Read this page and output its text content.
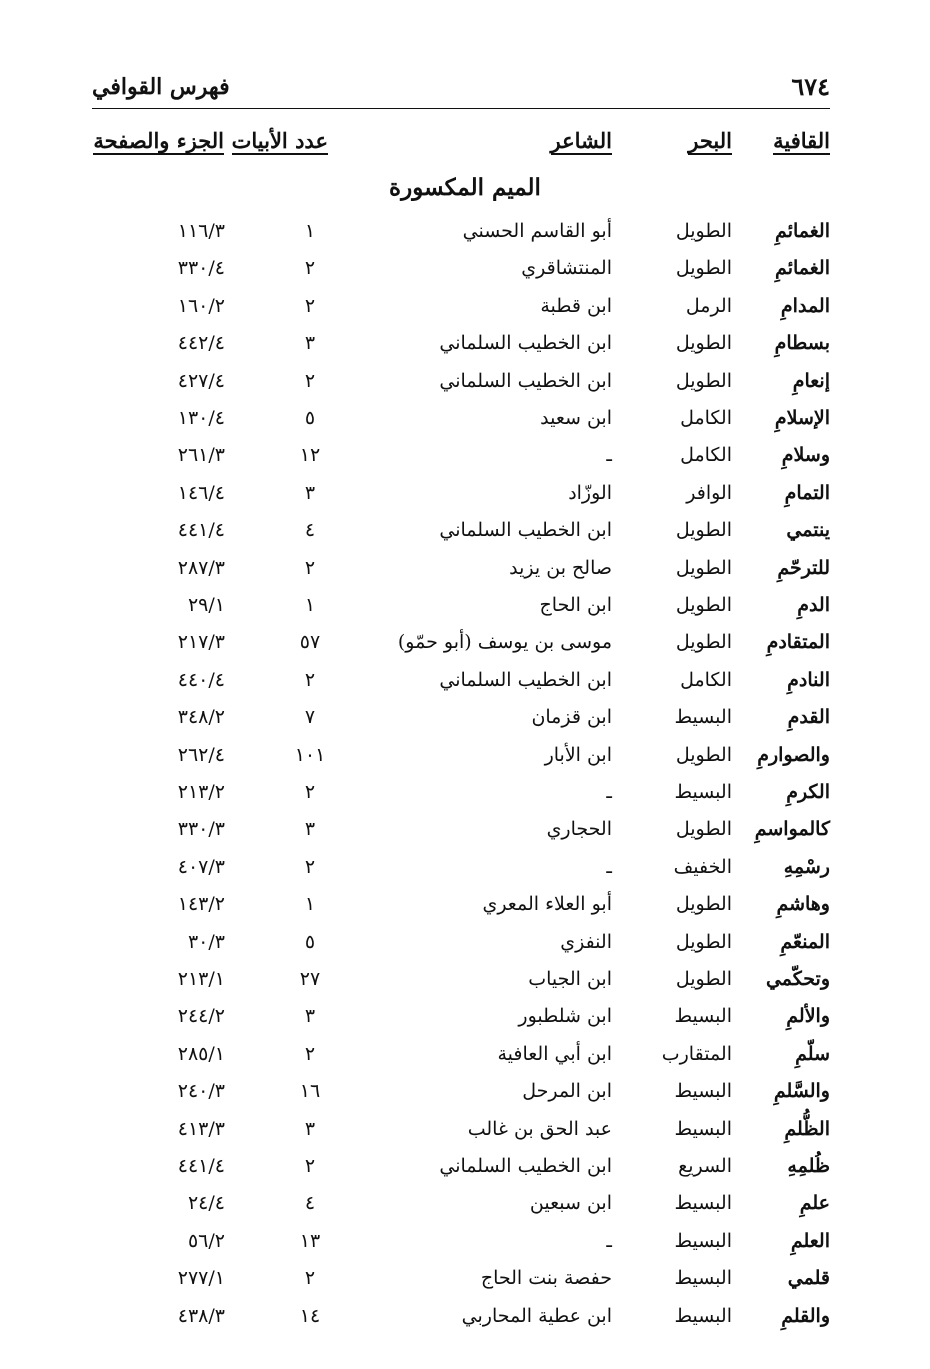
٦٧٤
فهرس القوافي
القافية
البحر
الشاعر
عدد الأبيات
الجزء والصفحة
الميم المكسورة
الغمائمِ
الطويل
أبو القاسم الحسني
١
١١٦/٣
الغمائمِ
الطويل
المنتشاقري
٢
٣٣٠/٤
المدامِ
الرمل
ابن قطبة
٢
١٦٠/٢
بسطامِ
الطويل
ابن الخطيب السلماني
٣
٤٤٢/٤
إنعامِ
الطويل
ابن الخطيب السلماني
٢
٤٢٧/٤
الإسلامِ
الكامل
ابن سعيد
٥
١٣٠/٤
وسلامِ
الكامل
ـ
١٢
٢٦١/٣
التمامِ
الوافر
الوزّاد
٣
١٤٦/٤
ينتمي
الطويل
ابن الخطيب السلماني
٤
٤٤١/٤
للترحّمِ
الطويل
صالح بن يزيد
٢
٢٨٧/٣
الدمِ
الطويل
ابن الحاج
١
٢٩/١
المتقادمِ
الطويل
موسى بن يوسف (أبو حمّو)
٥٧
٢١٧/٣
النادمِ
الكامل
ابن الخطيب السلماني
٢
٤٤٠/٤
القدمِ
البسيط
ابن قزمان
٧
٣٤٨/٢
والصوارمِ
الطويل
ابن الأبار
١٠١
٢٦٢/٤
الكرمِ
البسيط
ـ
٢
٢١٣/٢
كالمواسمِ
الطويل
الحجاري
٣
٣٣٠/٣
رسْمِهِ
الخفيف
ـ
٢
٤٠٧/٣
وهاشمِ
الطويل
أبو العلاء المعري
١
١٤٣/٢
المنعّمِ
الطويل
النفزي
٥
٣٠/٣
وتحكّمي
الطويل
ابن الجياب
٢٧
٢١٣/١
والألمِ
البسيط
ابن شلطبور
٣
٢٤٤/٢
سلّمِ
المتقارب
ابن أبي العافية
٢
٢٨٥/١
والسَّلمِ
البسيط
ابن المرحل
١٦
٢٤٠/٣
الظُّلمِ
البسيط
عبد الحق بن غالب
٣
٤١٣/٣
ظُلمِهِ
السريع
ابن الخطيب السلماني
٢
٤٤١/٤
علمِ
البسيط
ابن سبعين
٤
٢٤/٤
العلمِ
البسيط
ـ
١٣
٥٦/٢
قلمي
البسيط
حفصة بنت الحاج
٢
٢٧٧/١
والقلمِ
البسيط
ابن عطية المحاربي
١٤
٤٣٨/٣
